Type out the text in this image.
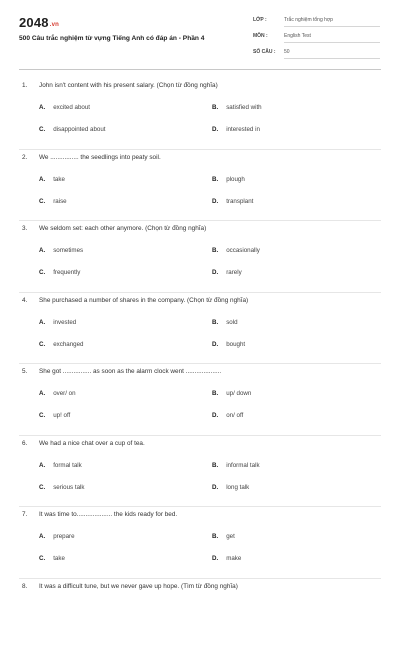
2048.vn
500 Câu trắc nghiệm từ vựng Tiếng Anh có đáp án - Phần 4
LỚP :	Trắc nghiệm tổng hợp
MÔN :	English Test
SỐ CÂU : 50
1. John isn't content with his present salary. (Chọn từ đồng nghĩa)
A. excited about	B. satisfied with
C. disappointed about	D. interested in
2. We ................ the seedlings into peaty soil.
A. take	B. plough
C. raise	D. transplant
3. We seldom set: each other anymore. (Chọn từ đồng nghĩa)
A. sometimes	B. occasionally
C. frequently	D. rarely
4. She purchased a number of shares in the company. (Chọn từ đồng nghĩa)
A. invested	B. sold
C. exchanged	D. bought
5. She got ................ as soon as the alarm clock went ....................
A. over/ on	B. up/ down
C. up! off	D. on/ off
6. We had a nice chat over a cup of tea.
A. formal talk	B. informal talk
C. serious talk	D. long talk
7. It was time to.................... the kids ready for bed.
A. prepare	B. get
C. take	D. make
8. It was a difficult tune, but we never gave up hope. (Tìm từ đồng nghĩa)
